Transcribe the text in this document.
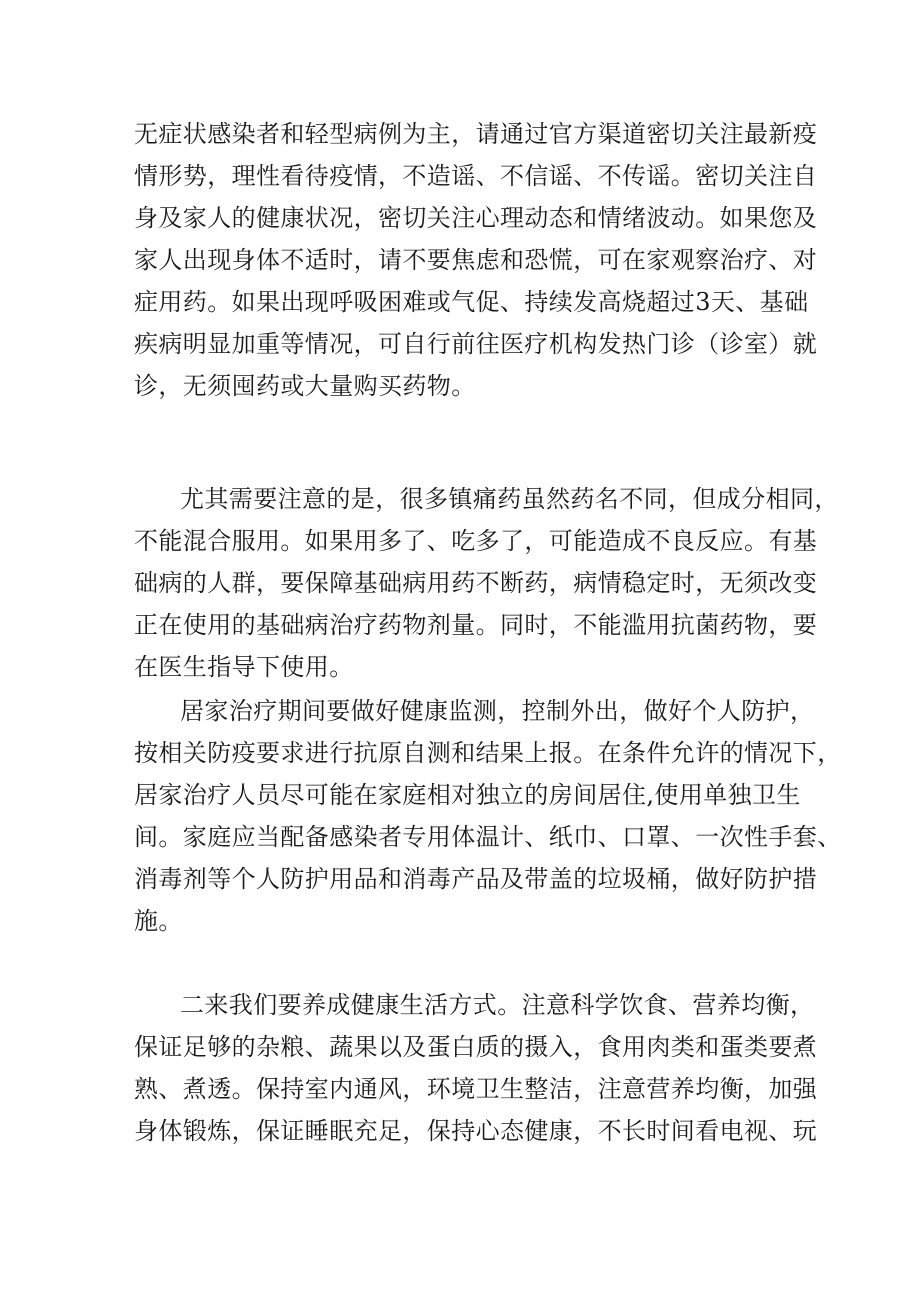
无症状感染者和轻型病例为主，请通过官方渠道密切关注最新疫
情形势，理性看待疫情，不造谣、不信谣、不传谣。密切关注自
身及家人的健康状况，密切关注心理动态和情绪波动。如果您及
家人出现身体不适时，请不要焦虑和恐慌，可在家观察治疗、对
症用药。如果出现呼吸困难或气促、持续发高烧超过3天、基础
疾病明显加重等情况，可自行前往医疗机构发热门诊（诊室）就
诊，无须囤药或大量购买药物。
尤其需要注意的是，很多镇痛药虽然药名不同，但成分相同，
不能混合服用。如果用多了、吃多了，可能造成不良反应。有基
础病的人群，要保障基础病用药不断药，病情稳定时，无须改变
正在使用的基础病治疗药物剂量。同时，不能滥用抗菌药物，要
在医生指导下使用。
居家治疗期间要做好健康监测，控制外出，做好个人防护，
按相关防疫要求进行抗原自测和结果上报。在条件允许的情况下，
居家治疗人员尽可能在家庭相对独立的房间居住,使用单独卫生
间。家庭应当配备感染者专用体温计、纸巾、口罩、一次性手套、
消毒剂等个人防护用品和消毒产品及带盖的垃圾桶，做好防护措
施。
二来我们要养成健康生活方式。注意科学饮食、营养均衡，
保证足够的杂粮、蔬果以及蛋白质的摄入，食用肉类和蛋类要煮
熟、煮透。保持室内通风，环境卫生整洁，注意营养均衡，加强
身体锻炼，保证睡眠充足，保持心态健康，不长时间看电视、玩
